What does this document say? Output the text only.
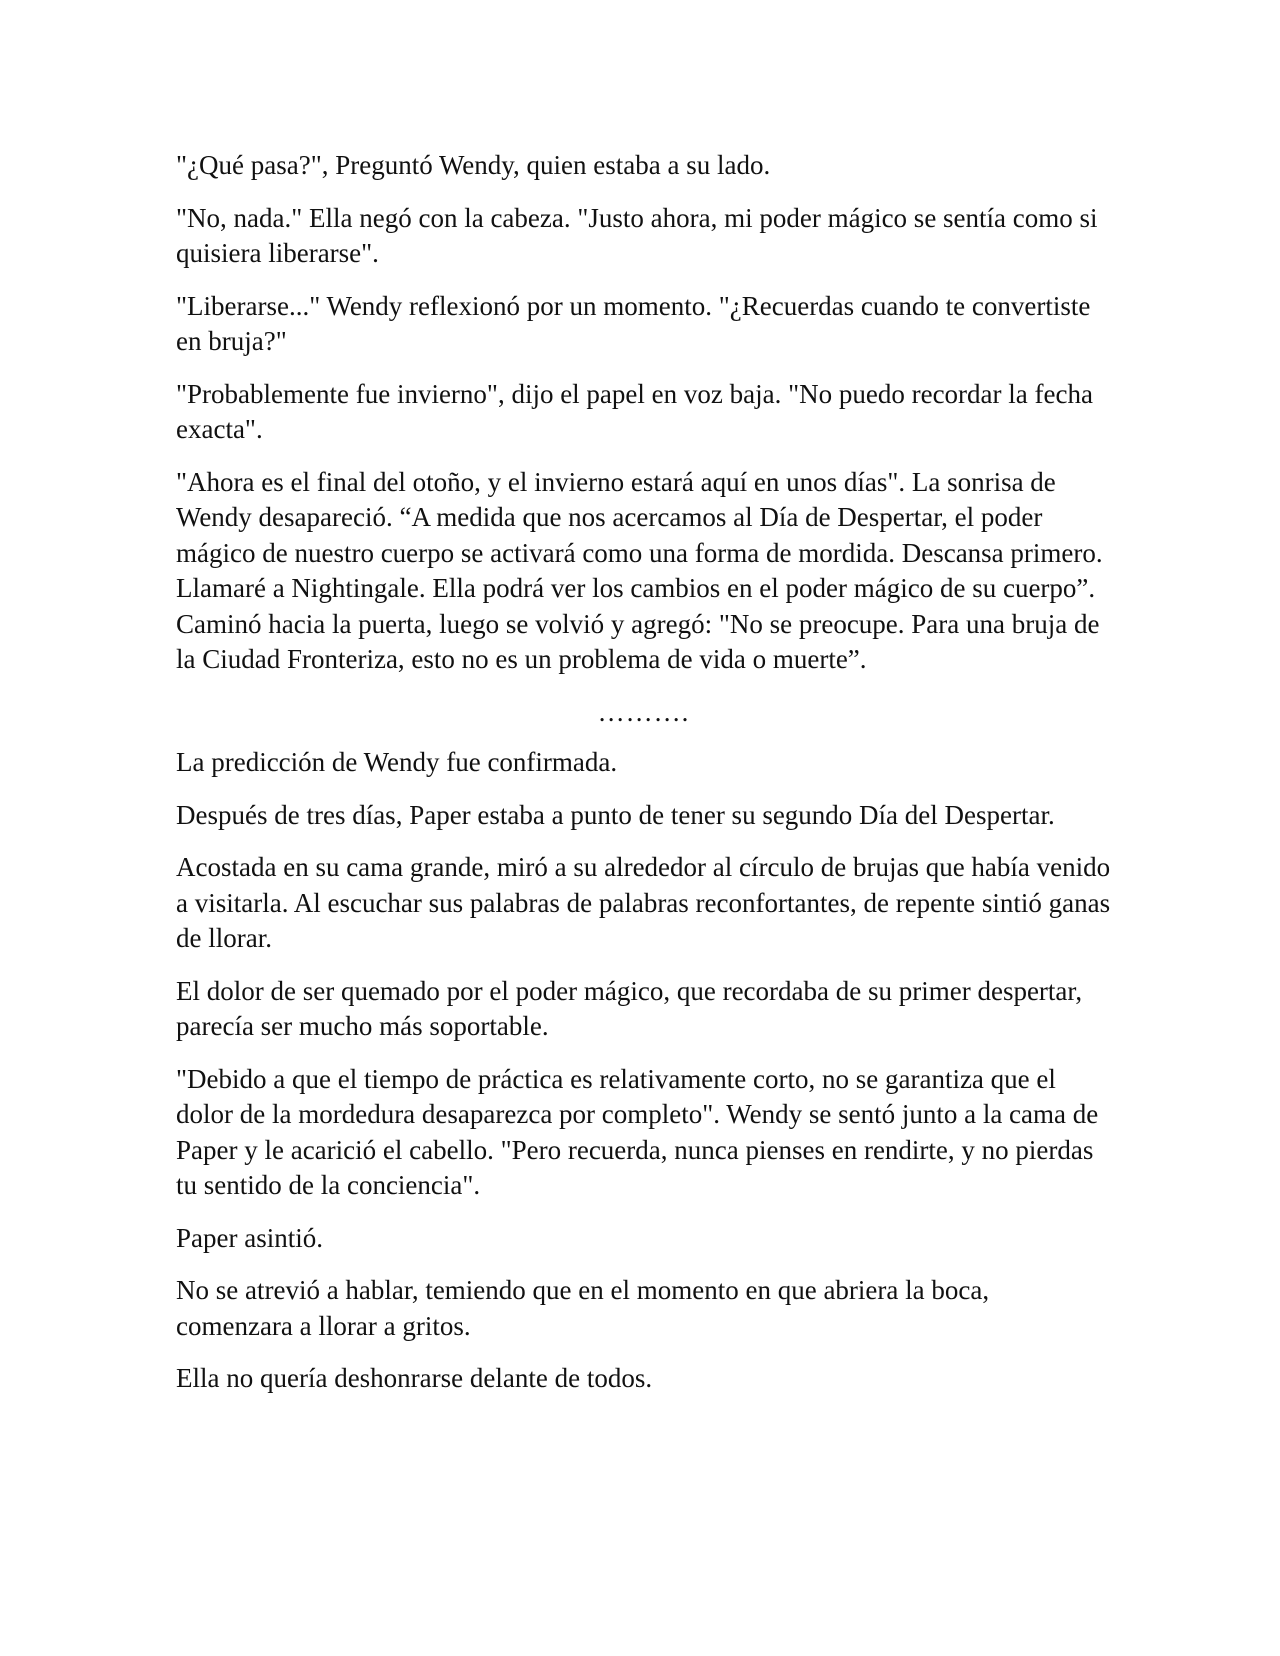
"¿Qué pasa?", Preguntó Wendy, quien estaba a su lado.

"No, nada." Ella negó con la cabeza. "Justo ahora, mi poder mágico se sentía como si quisiera liberarse".

"Liberarse..." Wendy reflexionó por un momento. "¿Recuerdas cuando te convertiste en bruja?"

"Probablemente fue invierno", dijo el papel en voz baja. "No puedo recordar la fecha exacta".

"Ahora es el final del otoño, y el invierno estará aquí en unos días". La sonrisa de Wendy desapareció. “A medida que nos acercamos al Día de Despertar, el poder mágico de nuestro cuerpo se activará como una forma de mordida. Descansa primero. Llamaré a Nightingale. Ella podrá ver los cambios en el poder mágico de su cuerpo”. Caminó hacia la puerta, luego se volvió y agregó: "No se preocupe. Para una bruja de la Ciudad Fronteriza, esto no es un problema de vida o muerte”.

……….

La predicción de Wendy fue confirmada.

Después de tres días, Paper estaba a punto de tener su segundo Día del Despertar.

Acostada en su cama grande, miró a su alrededor al círculo de brujas que había venido a visitarla. Al escuchar sus palabras de palabras reconfortantes, de repente sintió ganas de llorar.

El dolor de ser quemado por el poder mágico, que recordaba de su primer despertar, parecía ser mucho más soportable.

"Debido a que el tiempo de práctica es relativamente corto, no se garantiza que el dolor de la mordedura desaparezca por completo". Wendy se sentó junto a la cama de Paper y le acarició el cabello. "Pero recuerda, nunca pienses en rendirte, y no pierdas tu sentido de la conciencia".

Paper asintió.

No se atrevió a hablar, temiendo que en el momento en que abriera la boca, comenzara a llorar a gritos.

Ella no quería deshonrarse delante de todos.
